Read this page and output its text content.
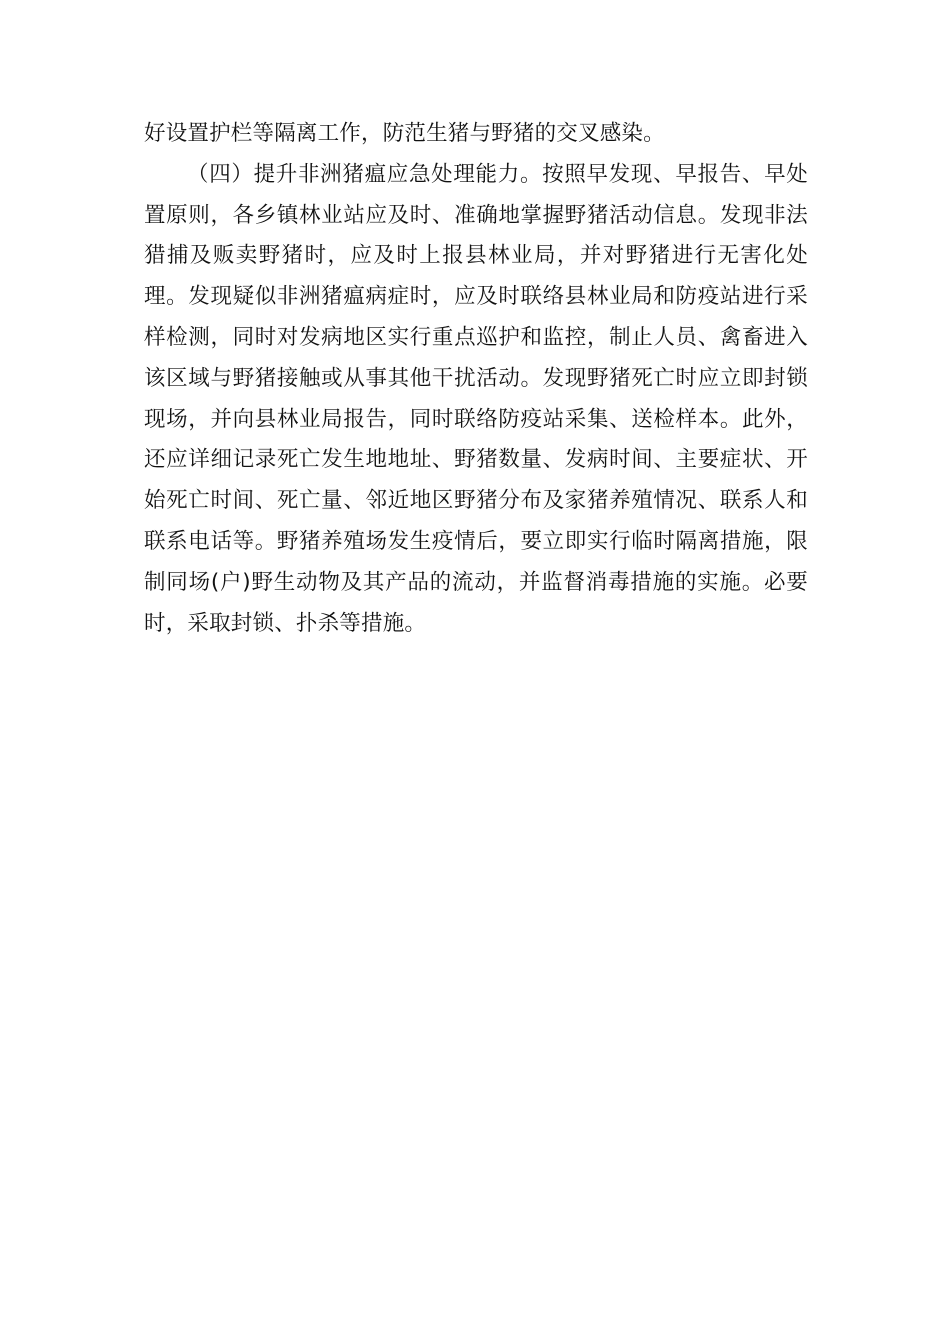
好设置护栏等隔离工作，防范生猪与野猪的交叉感染。

（四）提升非洲猪瘟应急处理能力。按照早发现、早报告、早处置原则，各乡镇林业站应及时、准确地掌握野猪活动信息。发现非法猎捕及贩卖野猪时，应及时上报县林业局，并对野猪进行无害化处理。发现疑似非洲猪瘟病症时，应及时联络县林业局和防疫站进行采样检测，同时对发病地区实行重点巡护和监控，制止人员、禽畜进入该区域与野猪接触或从事其他干扰活动。发现野猪死亡时应立即封锁现场，并向县林业局报告，同时联络防疫站采集、送检样本。此外，还应详细记录死亡发生地地址、野猪数量、发病时间、主要症状、开始死亡时间、死亡量、邻近地区野猪分布及家猪养殖情况、联系人和联系电话等。野猪养殖场发生疫情后，要立即实行临时隔离措施，限制同场(户)野生动物及其产品的流动，并监督消毒措施的实施。必要时，采取封锁、扑杀等措施。
